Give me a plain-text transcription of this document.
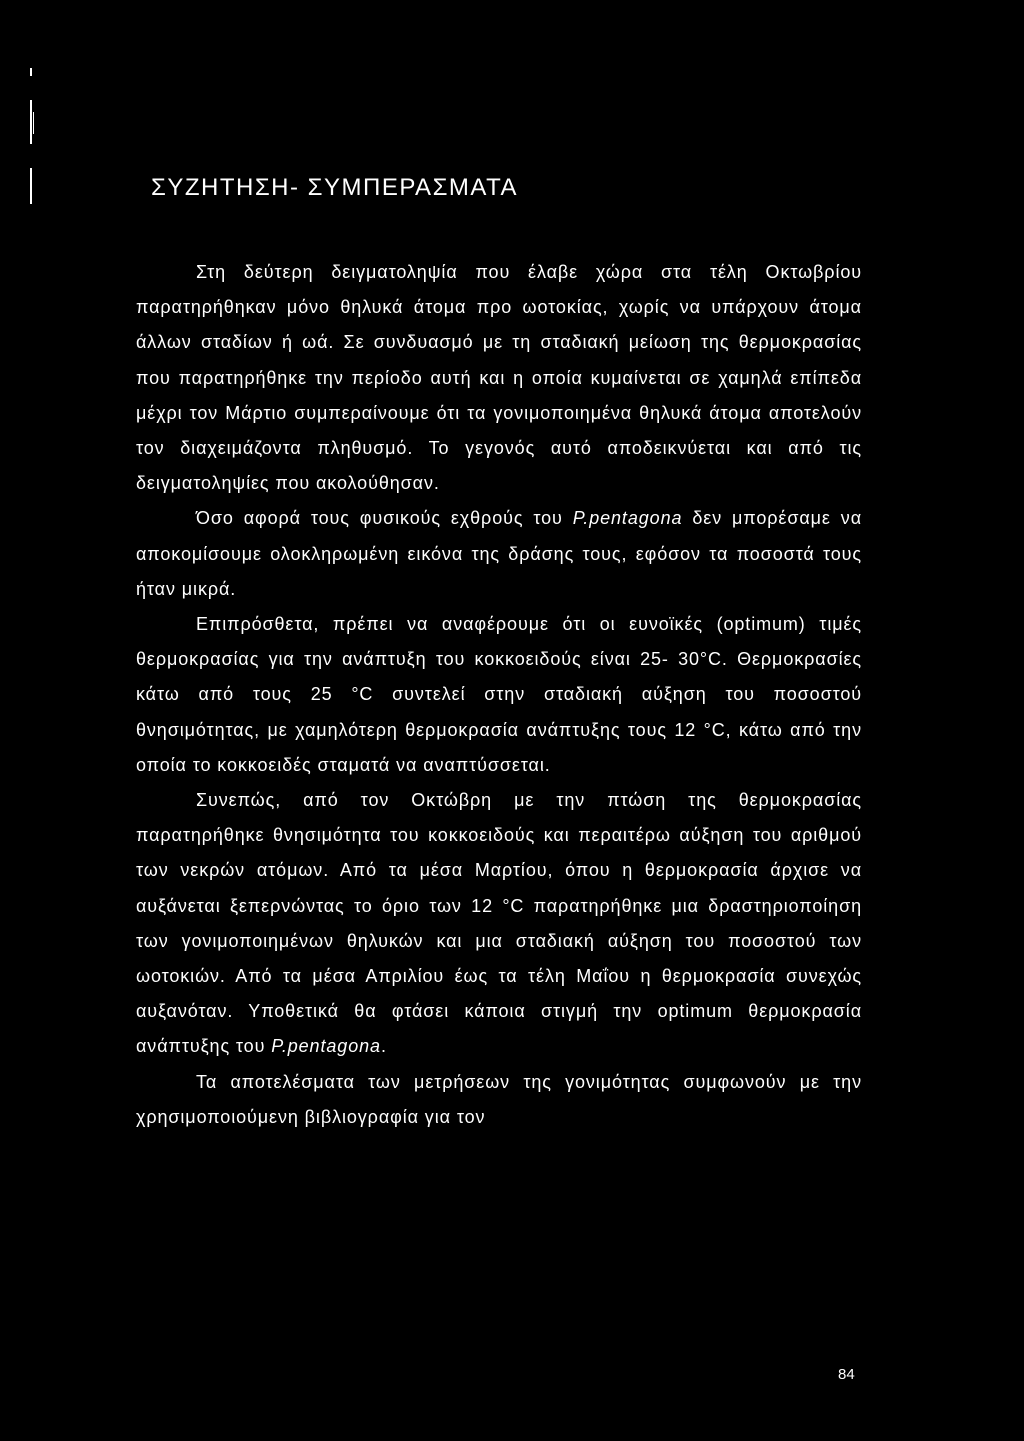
ΣΥΖΗΤΗΣΗ- ΣΥΜΠΕΡΑΣΜΑΤΑ

Στη δεύτερη δειγματοληψία που έλαβε χώρα στα τέλη Οκτωβρίου παρατηρήθηκαν μόνο θηλυκά άτομα προ ωοτοκίας, χωρίς να υπάρχουν άτομα άλλων σταδίων ή ωά. Σε συνδυασμό με τη σταδιακή μείωση της θερμοκρασίας που παρατηρήθηκε την περίοδο αυτή και η οποία κυμαίνεται σε χαμηλά επίπεδα μέχρι τον Μάρτιο συμπεραίνουμε ότι τα γονιμοποιημένα θηλυκά άτομα αποτελούν τον διαχειμάζοντα πληθυσμό. Το γεγονός αυτό αποδεικνύεται και από τις δειγματοληψίες που ακολούθησαν.

Όσο αφορά τους φυσικούς εχθρούς του P.pentagona δεν μπορέσαμε να αποκομίσουμε ολοκληρωμένη εικόνα της δράσης τους, εφόσον τα ποσοστά τους ήταν μικρά.

Επιπρόσθετα, πρέπει να αναφέρουμε ότι οι ευνοϊκές (optimum) τιμές θερμοκρασίας για την ανάπτυξη του κοκκοειδούς είναι 25- 30°C. Θερμοκρασίες κάτω από τους 25 °C συντελεί στην σταδιακή αύξηση του ποσοστού θνησιμότητας, με χαμηλότερη θερμοκρασία ανάπτυξης τους 12 °C, κάτω από την οποία το κοκκοειδές σταματά να αναπτύσσεται.

Συνεπώς, από τον Οκτώβρη με την πτώση της θερμοκρασίας παρατηρήθηκε θνησιμότητα του κοκκοειδούς και περαιτέρω αύξηση του αριθμού των νεκρών ατόμων. Από τα μέσα Μαρτίου, όπου η θερμοκρασία άρχισε να αυξάνεται ξεπερνώντας το όριο των 12 °C παρατηρήθηκε μια δραστηριοποίηση των γονιμοποιημένων θηλυκών και μια σταδιακή αύξηση του ποσοστού των ωοτοκιών. Από τα μέσα Απριλίου έως τα τέλη Μαΐου η θερμοκρασία συνεχώς αυξανόταν. Υποθετικά θα φτάσει κάποια στιγμή την optimum θερμοκρασία ανάπτυξης του P.pentagona.

Τα αποτελέσματα των μετρήσεων της γονιμότητας συμφωνούν με την χρησιμοποιούμενη βιβλιογραφία για τον

84
